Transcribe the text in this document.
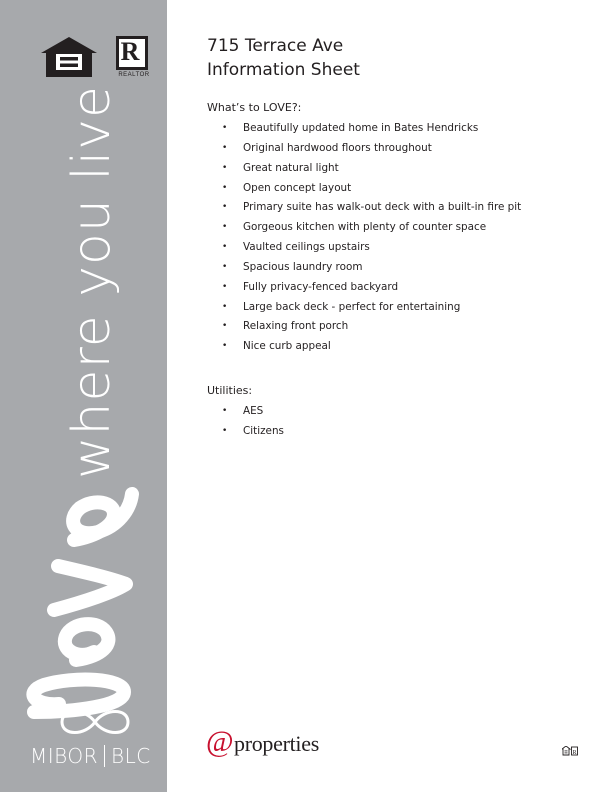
R
REALTOR
where you live
MIBOR BLC
715 Terrace Ave
Information Sheet
What’s to LOVE?:
• Beautifully updated home in Bates Hendricks
• Original hardwood floors throughout
• Great natural light
• Open concept layout
• Primary suite has walk-out deck with a built-in fire pit
• Gorgeous kitchen with plenty of counter space
• Vaulted ceilings upstairs
• Spacious laundry room
• Fully privacy-fenced backyard
• Large back deck - perfect for entertaining
• Relaxing front porch
• Nice curb appeal
Utilities:
• AES
• Citizens
@ properties	R
